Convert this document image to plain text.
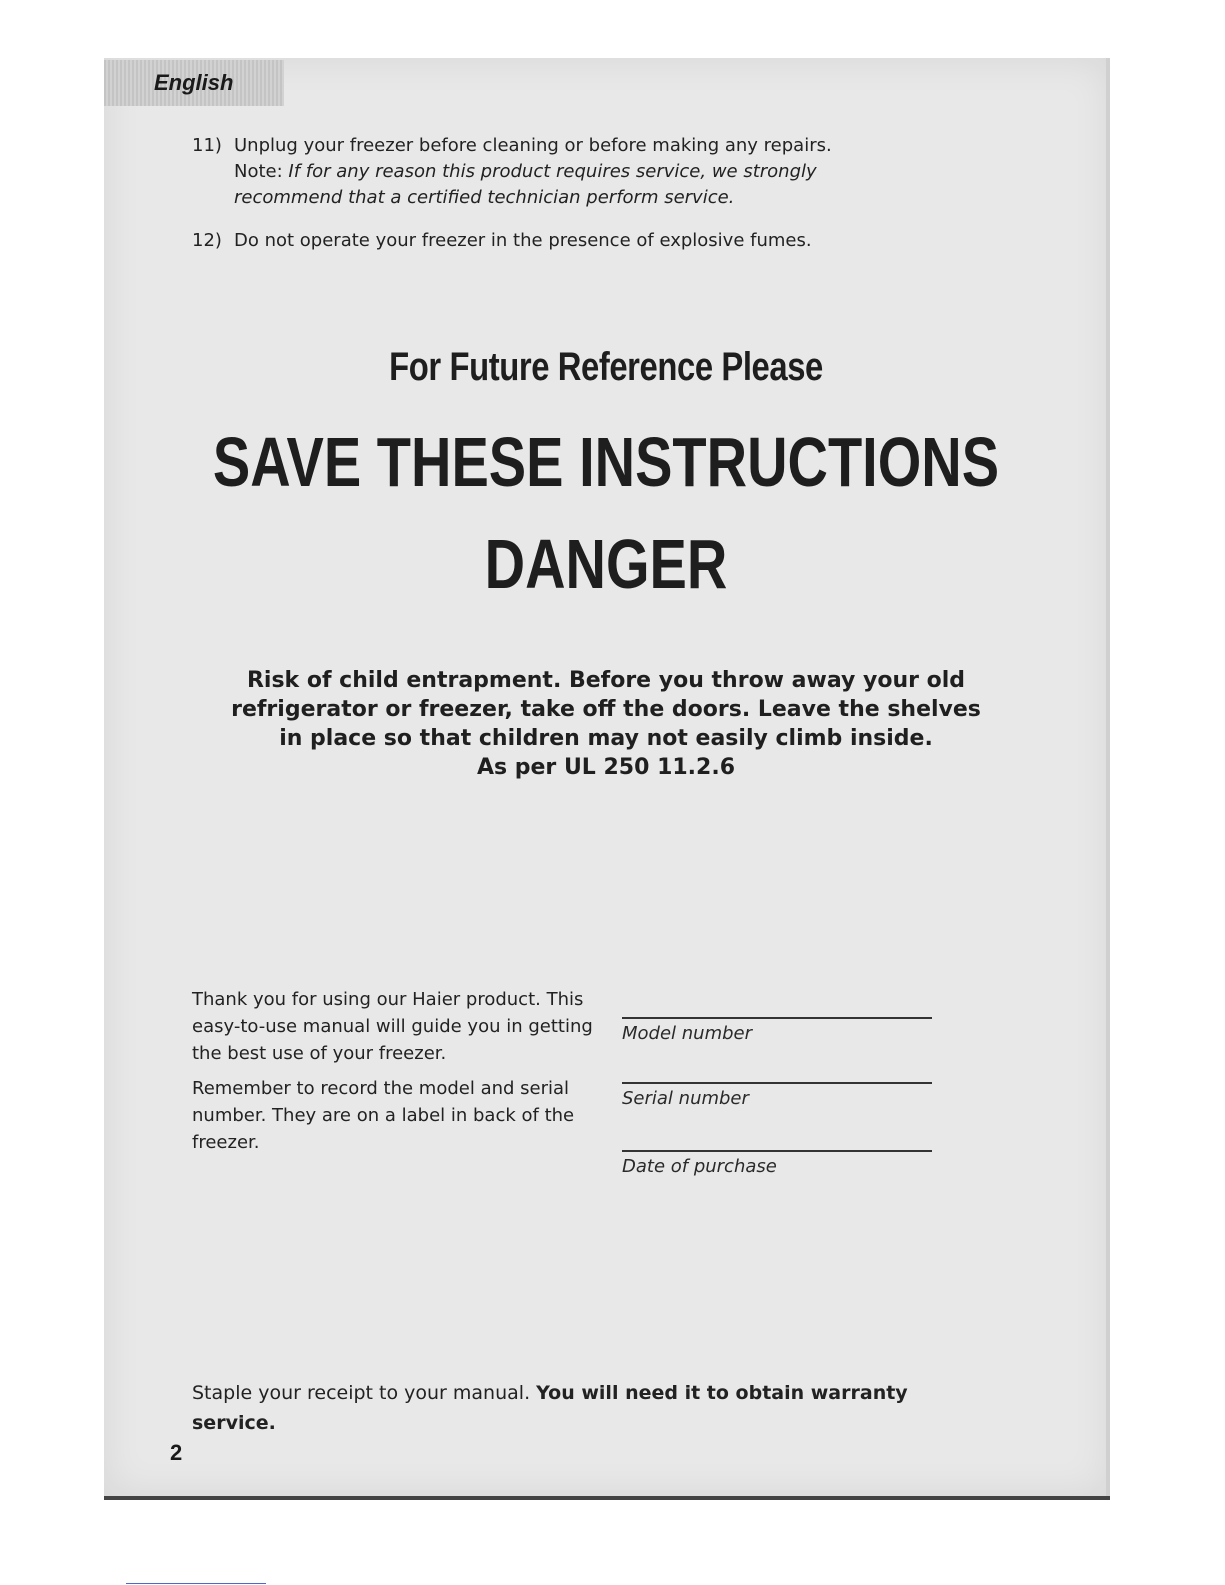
English
11) Unplug your freezer before cleaning or before making any repairs.
Note: If for any reason this product requires service, we strongly
recommend that a certified technician perform service.
12) Do not operate your freezer in the presence of explosive fumes.
For Future Reference Please
SAVE THESE INSTRUCTIONS
DANGER
Risk of child entrapment. Before you throw away your old
refrigerator or freezer, take off the doors. Leave the shelves
in place so that children may not easily climb inside.
As per UL 250 11.2.6

Thank you for using our Haier product. This easy-to-use manual will guide you in getting the best use of your freezer.

Remember to record the model and serial number. They are on a label in back of the freezer.

Model number
Serial number
Date of purchase
Staple your receipt to your manual. You will need it to obtain warranty service.
2
